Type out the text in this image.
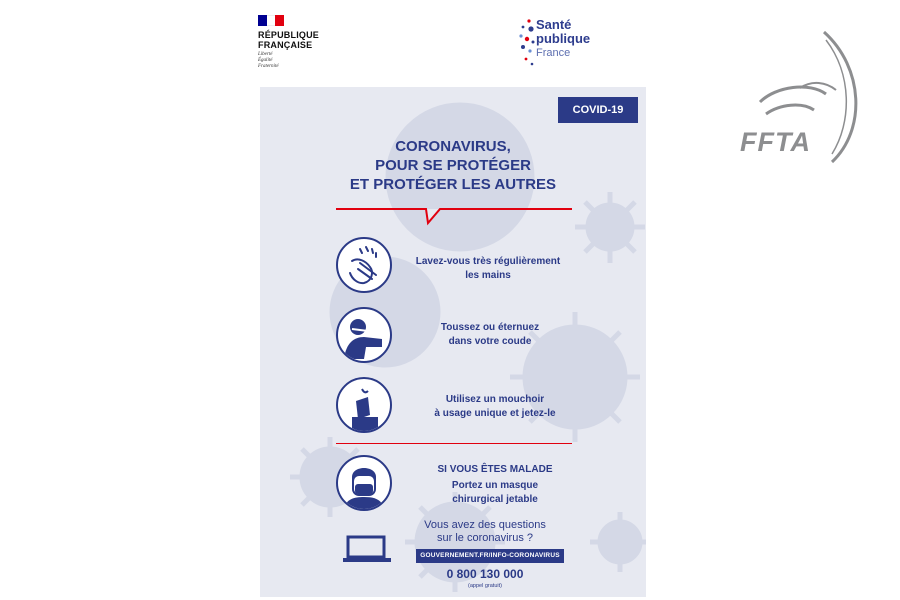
RÉPUBLIQUE
FRANÇAISE
Liberté
Égalité
Fraternité
Santé
publique
France
COVID-19
CORONAVIRUS,
POUR SE PROTÉGER
ET PROTÉGER LES AUTRES
Lavez-vous très régulièrement
les mains
Toussez ou éternuez
dans votre coude
Utilisez un mouchoir
à usage unique et jetez-le
SI VOUS ÊTES MALADE
Portez un masque
chirurgical jetable
Vous avez des questions
sur le coronavirus ?
GOUVERNEMENT.FR/INFO-CORONAVIRUS
0 800 130 000
(appel gratuit)
FFTA
